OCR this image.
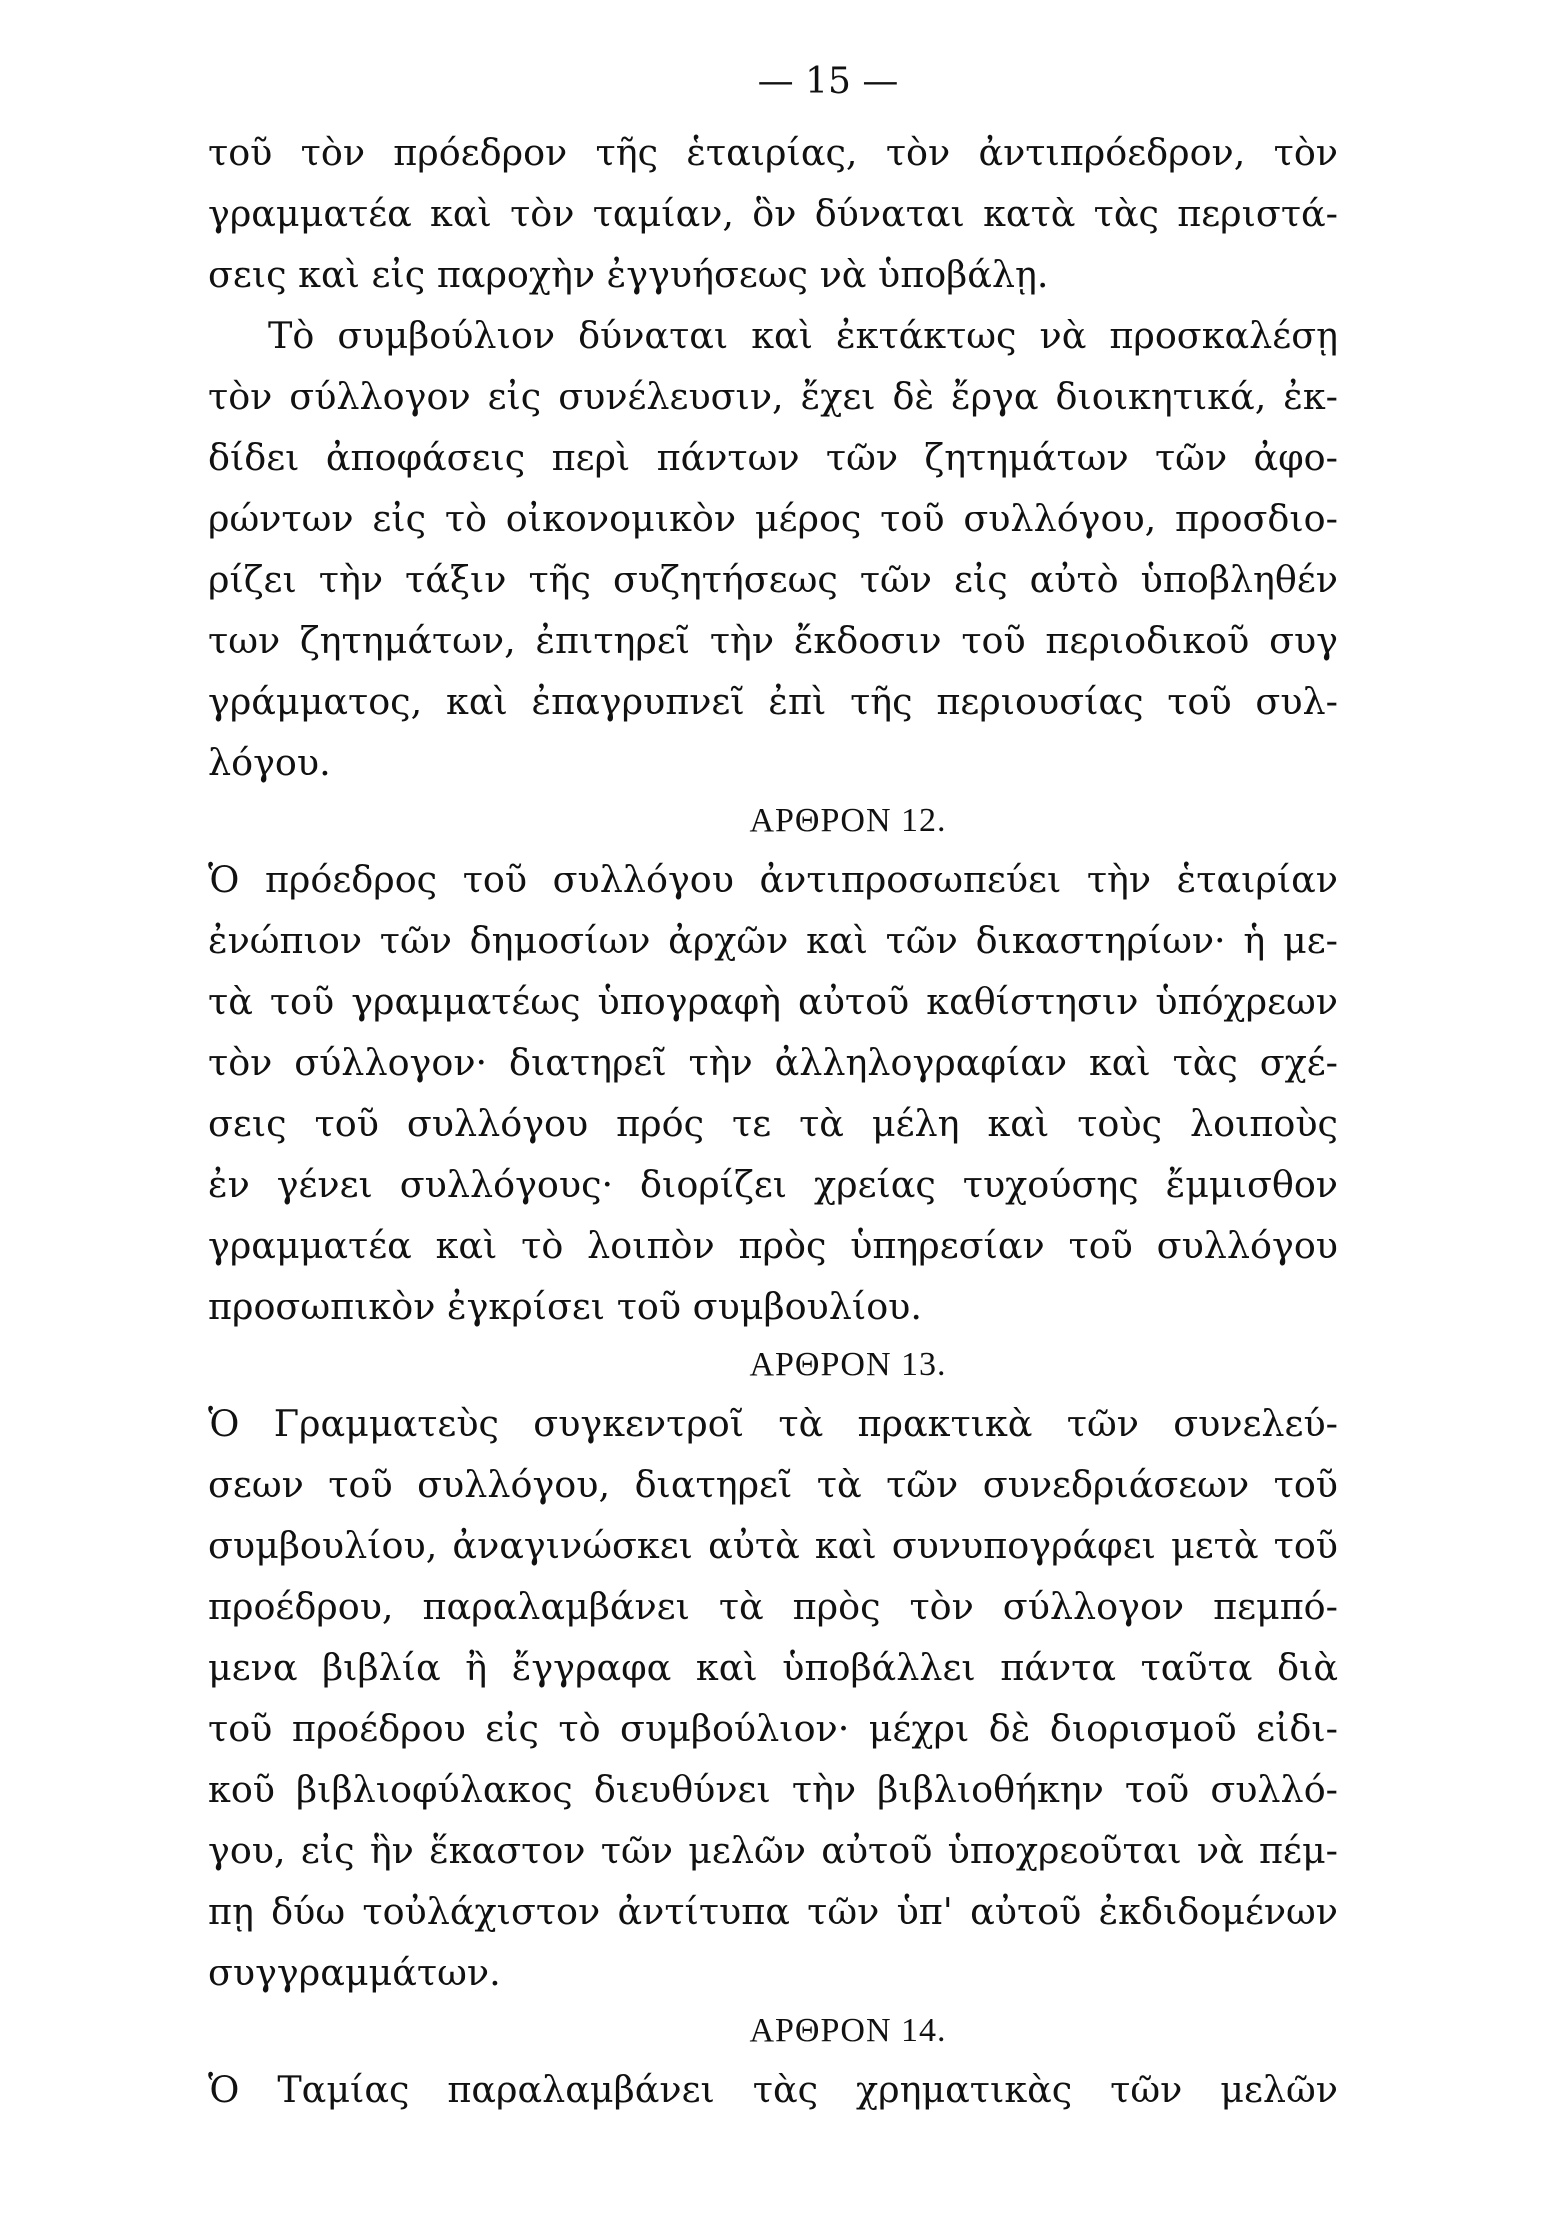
— 15 —
τοῦ τὸν πρόεδρον τῆς ἑταιρίας, τὸν ἀντιπρόεδρον, τὸν
γραμματέα καὶ τὸν ταμίαν, ὃν δύναται κατὰ τὰς περιστά-
σεις καὶ εἰς παροχὴν ἐγγυήσεως νὰ ὑποβάλῃ.
Τὸ συμβούλιον δύναται καὶ ἐκτάκτως νὰ προσκαλέσῃ
τὸν σύλλογον εἰς συνέλευσιν, ἔχει δὲ ἔργα διοικητικά, ἐκ-
δίδει ἀποφάσεις περὶ πάντων τῶν ζητημάτων τῶν ἀφο-
ρώντων εἰς τὸ οἰκονομικὸν μέρος τοῦ συλλόγου, προσδιο-
ρίζει τὴν τάξιν τῆς συζητήσεως τῶν εἰς αὐτὸ ὑποβληθέν
των ζητημάτων, ἐπιτηρεῖ τὴν ἔκδοσιν τοῦ περιοδικοῦ συγ
γράμματος, καὶ ἐπαγρυπνεῖ ἐπὶ τῆς περιουσίας τοῦ συλ-
λόγου.
ΑΡΘΡΟΝ 12.
Ὁ πρόεδρος τοῦ συλλόγου ἀντιπροσωπεύει τὴν ἑταιρίαν
ἐνώπιον τῶν δημοσίων ἀρχῶν καὶ τῶν δικαστηρίων· ἡ με-
τὰ τοῦ γραμματέως ὑπογραφὴ αὐτοῦ καθίστησιν ὑπόχρεων
τὸν σύλλογον· διατηρεῖ τὴν ἀλληλογραφίαν καὶ τὰς σχέ-
σεις τοῦ συλλόγου πρός τε τὰ μέλη καὶ τοὺς λοιποὺς
ἐν γένει συλλόγους· διορίζει χρείας τυχούσης ἔμμισθον
γραμματέα καὶ τὸ λοιπὸν πρὸς ὑπηρεσίαν τοῦ συλλόγου
προσωπικὸν ἐγκρίσει τοῦ συμβουλίου.
ΑΡΘΡΟΝ 13.
Ὁ Γραμματεὺς συγκεντροῖ τὰ πρακτικὰ τῶν συνελεύ-
σεων τοῦ συλλόγου, διατηρεῖ τὰ τῶν συνεδριάσεων τοῦ
συμβουλίου, ἀναγινώσκει αὐτὰ καὶ συνυπογράφει μετὰ τοῦ
προέδρου, παραλαμβάνει τὰ πρὸς τὸν σύλλογον πεμπό-
μενα βιβλία ἢ ἔγγραφα καὶ ὑποβάλλει πάντα ταῦτα διὰ
τοῦ προέδρου εἰς τὸ συμβούλιον· μέχρι δὲ διορισμοῦ εἰδι-
κοῦ βιβλιοφύλακος διευθύνει τὴν βιβλιοθήκην τοῦ συλλό-
γου, εἰς ἣν ἕκαστον τῶν μελῶν αὐτοῦ ὑποχρεοῦται νὰ πέμ-
πῃ δύω τοὐλάχιστον ἀντίτυπα τῶν ὑπ' αὐτοῦ ἐκδιδομένων
συγγραμμάτων.
ΑΡΘΡΟΝ 14.
Ὁ Ταμίας παραλαμβάνει τὰς χρηματικὰς τῶν μελῶν
